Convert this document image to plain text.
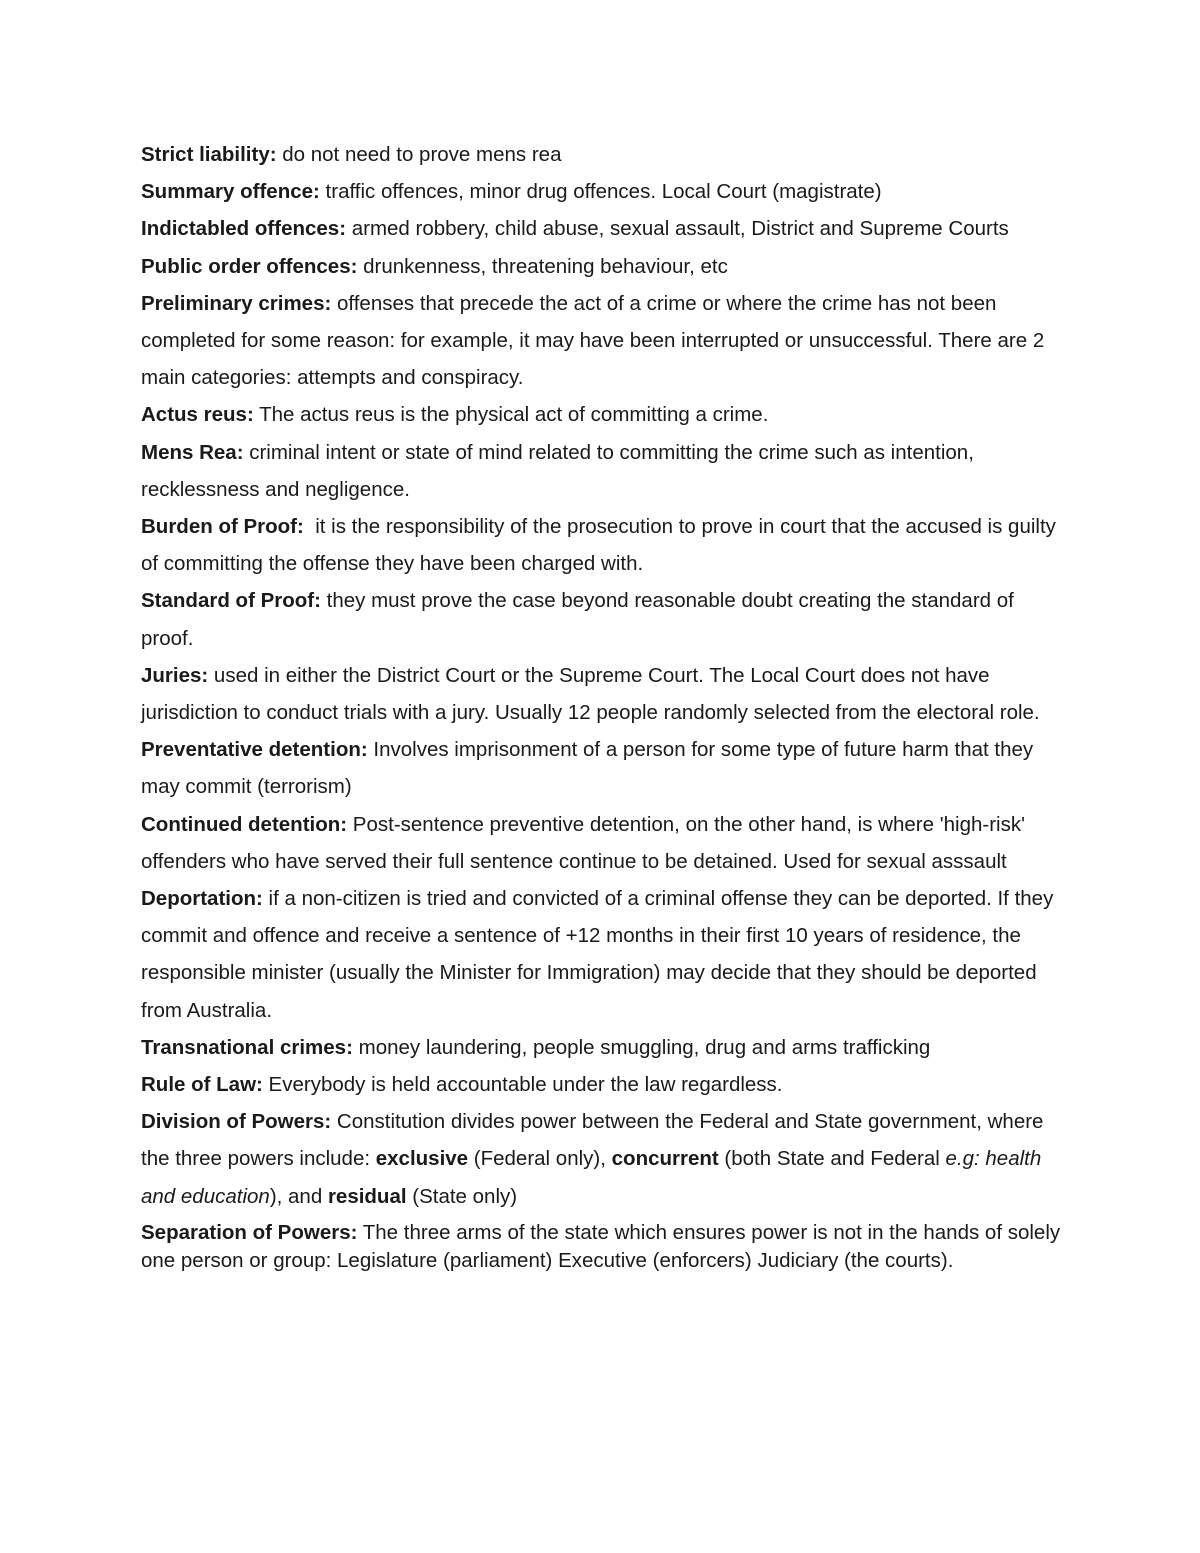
Strict liability: do not need to prove mens rea

Summary offence: traffic offences, minor drug offences. Local Court (magistrate)

Indictabled offences: armed robbery, child abuse, sexual assault, District and Supreme Courts

Public order offences: drunkenness, threatening behaviour, etc

Preliminary crimes: offenses that precede the act of a crime or where the crime has not been completed for some reason: for example, it may have been interrupted or unsuccessful. There are 2 main categories: attempts and conspiracy.

Actus reus: The actus reus is the physical act of committing a crime.

Mens Rea: criminal intent or state of mind related to committing the crime such as intention, recklessness and negligence.

Burden of Proof:  it is the responsibility of the prosecution to prove in court that the accused is guilty of committing the offense they have been charged with.

Standard of Proof: they must prove the case beyond reasonable doubt creating the standard of proof.

Juries: used in either the District Court or the Supreme Court. The Local Court does not have jurisdiction to conduct trials with a jury. Usually 12 people randomly selected from the electoral role.

Preventative detention: Involves imprisonment of a person for some type of future harm that they may commit (terrorism)

Continued detention: Post-sentence preventive detention, on the other hand, is where 'high-risk' offenders who have served their full sentence continue to be detained. Used for sexual asssault

Deportation: if a non-citizen is tried and convicted of a criminal offense they can be deported. If they commit and offence and receive a sentence of +12 months in their first 10 years of residence, the responsible minister (usually the Minister for Immigration) may decide that they should be deported from Australia.

Transnational crimes: money laundering, people smuggling, drug and arms trafficking

Rule of Law: Everybody is held accountable under the law regardless.

Division of Powers: Constitution divides power between the Federal and State government, where the three powers include: exclusive (Federal only), concurrent (both State and Federal e.g: health and education), and residual (State only)

Separation of Powers: The three arms of the state which ensures power is not in the hands of solely one person or group: Legislature (parliament) Executive (enforcers) Judiciary (the courts).
